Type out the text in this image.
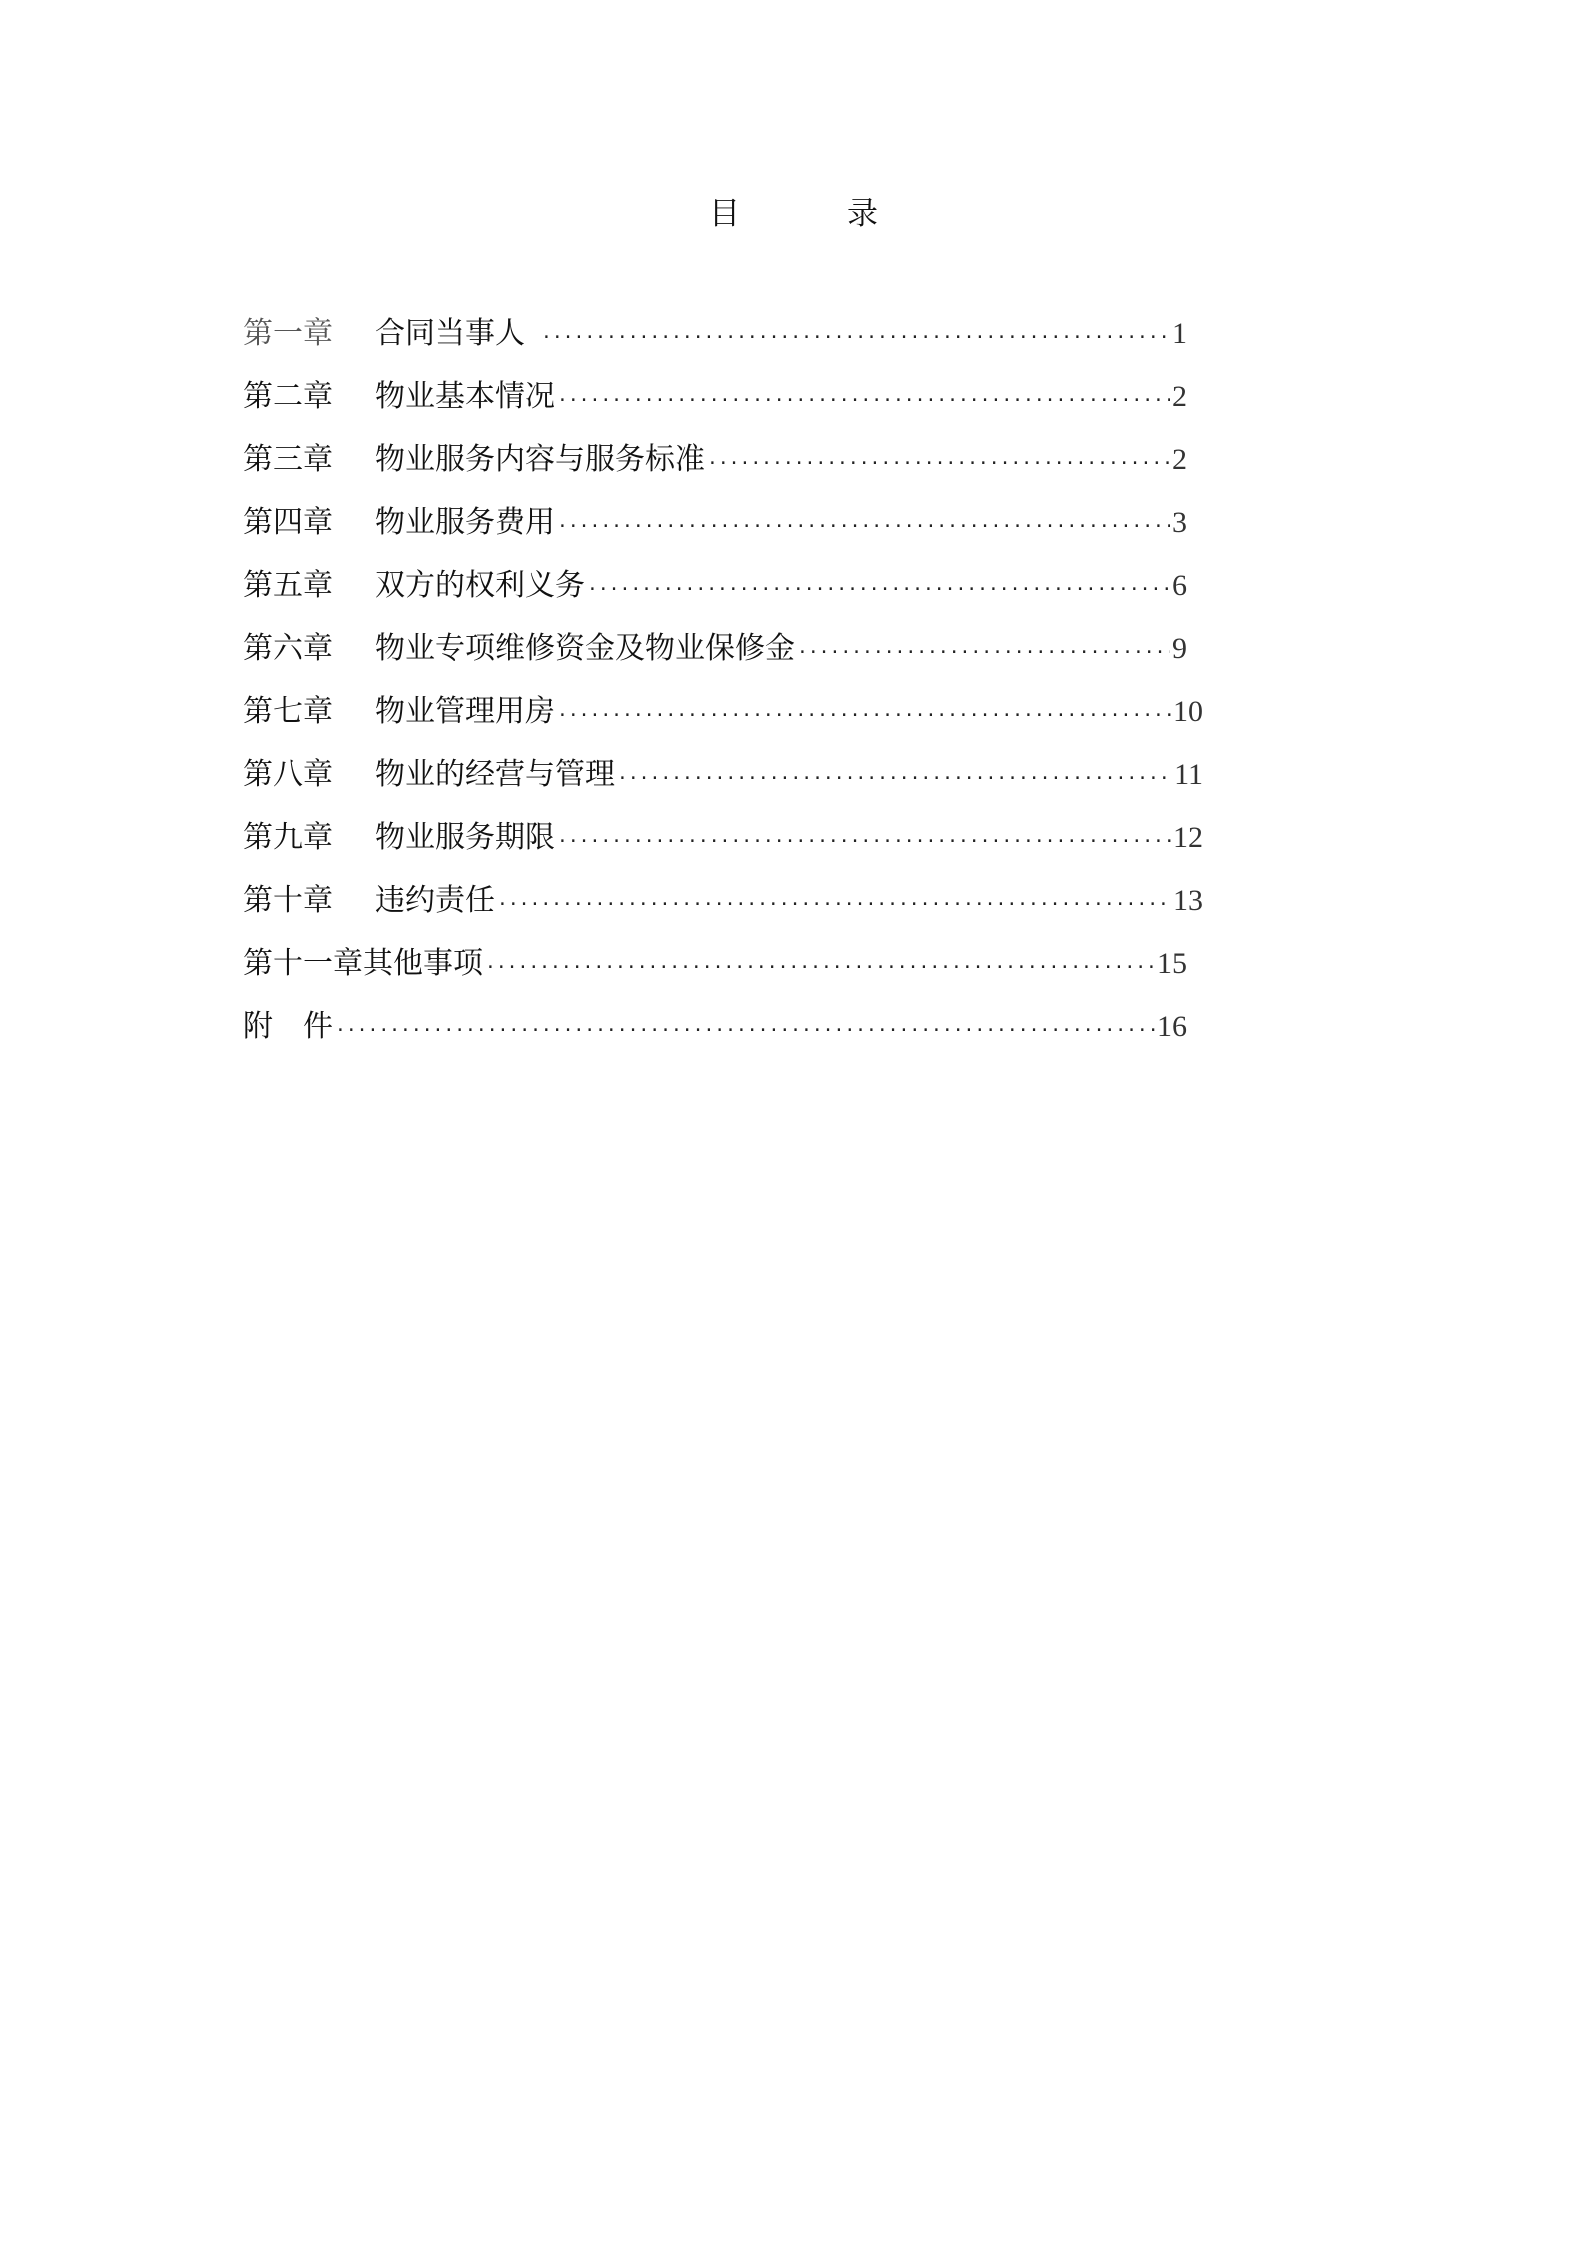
目　录
第一章	合同当事人 ·····	1
第二章	物业基本情况 ·····	2
第三章	物业服务内容与服务标准 ·····	2
第四章	物业服务费用 ·····	3
第五章	双方的权利义务 ·····	6
第六章	物业专项维修资金及物业保修金 ·····	9
第七章	物业管理用房 ·····	10
第八章	物业的经营与管理 ·····	11
第九章	物业服务期限 ·····	12
第十章	违约责任 ·····	13
第十一章 其他事项 ·····	15
附　件 ·····	16
